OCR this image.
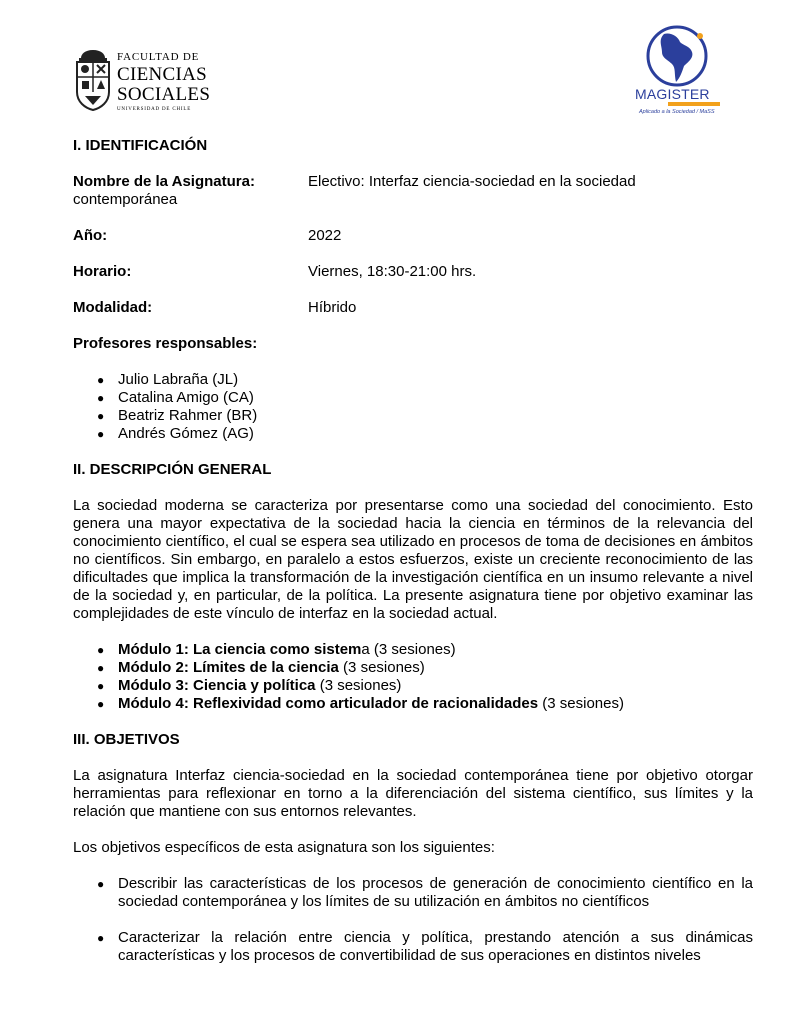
FACULTAD DE
CIENCIAS
SOCIALES
UNIVERSIDAD DE CHILE
MAGISTER
Aplicado a la Sociedad / MaSS
I. IDENTIFICACIÓN
Nombre de la Asignatura:	Electivo: Interfaz ciencia-sociedad en la sociedad
contemporánea
Año:	2022
Horario:	Viernes, 18:30-21:00 hrs.
Modalidad:	Híbrido
Profesores responsables:
● Julio Labraña (JL)
● Catalina Amigo (CA)
● Beatriz Rahmer (BR)
● Andrés Gómez (AG)
II. DESCRIPCIÓN GENERAL

La sociedad moderna se caracteriza por presentarse como una sociedad del conocimiento. Esto genera una mayor expectativa de la sociedad hacia la ciencia en términos de la relevancia del conocimiento científico, el cual se espera sea utilizado en procesos de toma de decisiones en ámbitos no científicos. Sin embargo, en paralelo a estos esfuerzos, existe un creciente reconocimiento de las dificultades que implica la transformación de la investigación científica en un insumo relevante a nivel de la sociedad y, en particular, de la política. La presente asignatura tiene por objetivo examinar las complejidades de este vínculo de interfaz en la sociedad actual.

● Módulo 1: La ciencia como sistema (3 sesiones)
● Módulo 2: Límites de la ciencia (3 sesiones)
● Módulo 3: Ciencia y política (3 sesiones)
● Módulo 4: Reflexividad como articulador de racionalidades (3 sesiones)
III. OBJETIVOS

La asignatura Interfaz ciencia-sociedad en la sociedad contemporánea tiene por objetivo otorgar herramientas para reflexionar en torno a la diferenciación del sistema científico, sus límites y la relación que mantiene con sus entornos relevantes.

Los objetivos específicos de esta asignatura son los siguientes:

● Describir las características de los procesos de generación de conocimiento científico en la sociedad contemporánea y los límites de su utilización en ámbitos no científicos

● Caracterizar la relación entre ciencia y política, prestando atención a sus dinámicas características y los procesos de convertibilidad de sus operaciones en distintos niveles
